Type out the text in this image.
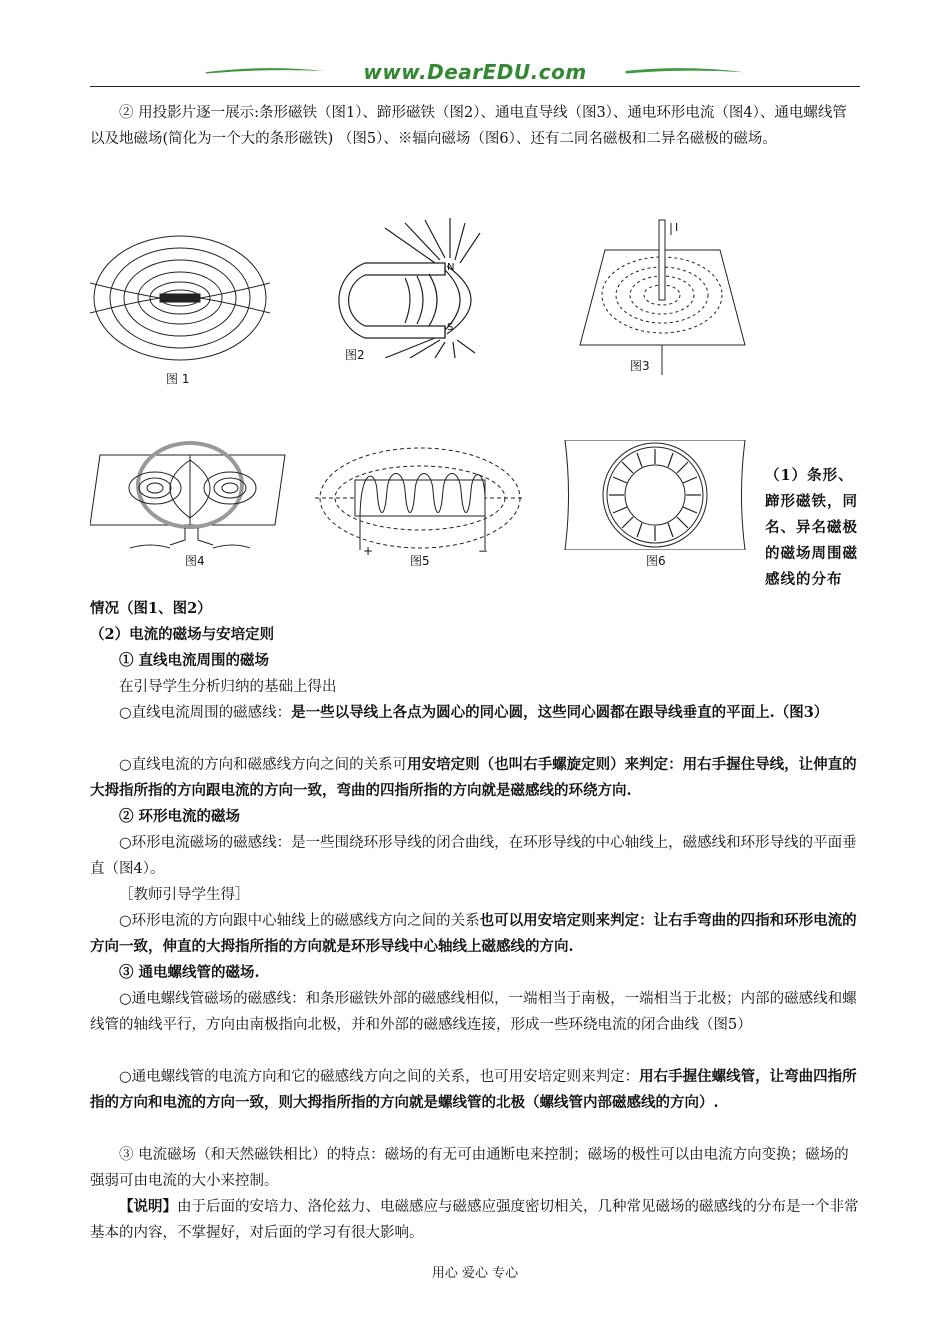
www.DearEDU.com

② 用投影片逐一展示:条形磁铁（图1）、蹄形磁铁（图2）、通电直导线（图3）、通电环形电流（图4）、通电螺线管以及地磁场(简化为一个大的条形磁铁) （图5）、※辐向磁场（图6）、还有二同名磁极和二异名磁极的磁场。

图 1
N
S
图2
I
图3
图4
+	−
图5	图6
（1）条形、蹄形磁铁，同名、异名磁极的磁场周围磁感线的分布

情况（图1、图2）

（2）电流的磁场与安培定则

① 直线电流周围的磁场

在引导学生分析归纳的基础上得出

○直线电流周围的磁感线：是一些以导线上各点为圆心的同心圆，这些同心圆都在跟导线垂直的平面上.（图3）

○直线电流的方向和磁感线方向之间的关系可用安培定则（也叫右手螺旋定则）来判定：用右手握住导线，让伸直的大拇指所指的方向跟电流的方向一致，弯曲的四指所指的方向就是磁感线的环绕方向.

② 环形电流的磁场

○环形电流磁场的磁感线：是一些围绕环形导线的闭合曲线，在环形导线的中心轴线上，磁感线和环形导线的平面垂直（图4）。

［教师引导学生得］

○环形电流的方向跟中心轴线上的磁感线方向之间的关系也可以用安培定则来判定：让右手弯曲的四指和环形电流的方向一致，伸直的大拇指所指的方向就是环形导线中心轴线上磁感线的方向.

③ 通电螺线管的磁场.

○通电螺线管磁场的磁感线：和条形磁铁外部的磁感线相似，一端相当于南极，一端相当于北极；内部的磁感线和螺线管的轴线平行，方向由南极指向北极，并和外部的磁感线连接，形成一些环绕电流的闭合曲线（图5）

○通电螺线管的电流方向和它的磁感线方向之间的关系，也可用安培定则来判定：用右手握住螺线管，让弯曲四指所指的方向和电流的方向一致，则大拇指所指的方向就是螺线管的北极（螺线管内部磁感线的方向）.

③ 电流磁场（和天然磁铁相比）的特点：磁场的有无可由通断电来控制；磁场的极性可以由电流方向变换；磁场的强弱可由电流的大小来控制。

【说明】由于后面的安培力、洛伦兹力、电磁感应与磁感应强度密切相关，几种常见磁场的磁感线的分布是一个非常基本的内容，不掌握好，对后面的学习有很大影响。

用心 爱心 专心
